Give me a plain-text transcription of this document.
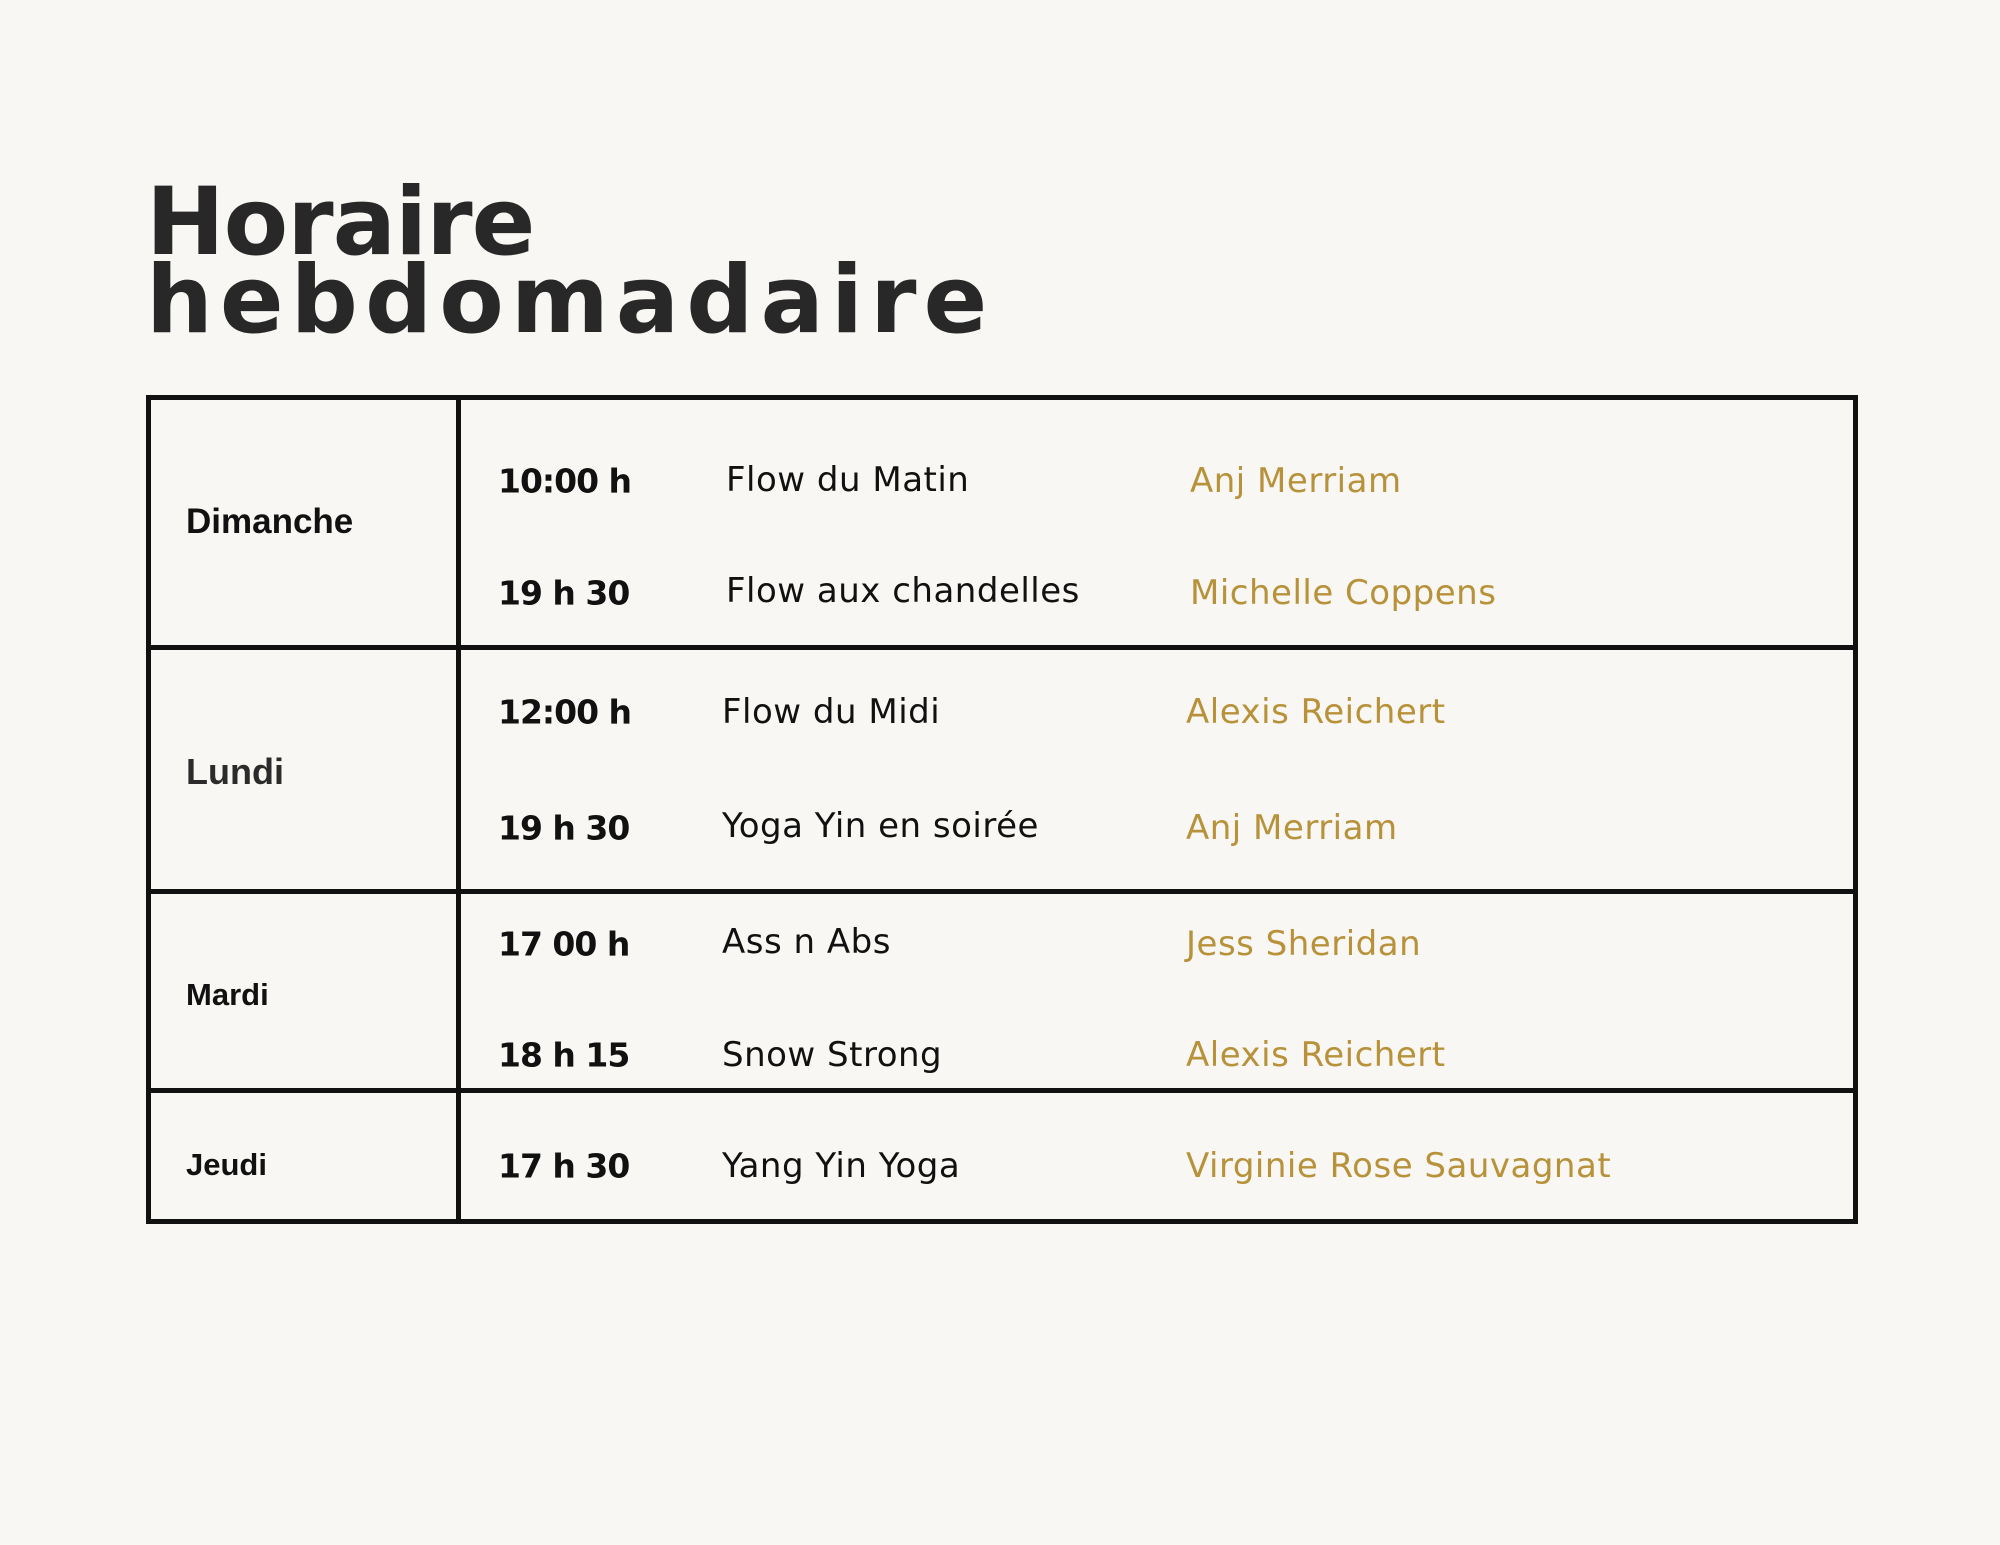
Horaire
hebdomadaire
Dimanche
10:00 h	Flow du Matin	Anj Merriam
19 h 30	Flow aux chandelles	Michelle Coppens
Lundi
12:00 h	Flow du Midi	Alexis Reichert
19 h 30	Yoga Yin en soirée	Anj Merriam
Mardi
17 00 h	Ass n Abs	Jess Sheridan
18 h 15	Snow Strong	Alexis Reichert
Jeudi	17 h 30	Yang Yin Yoga	Virginie Rose Sauvagnat
